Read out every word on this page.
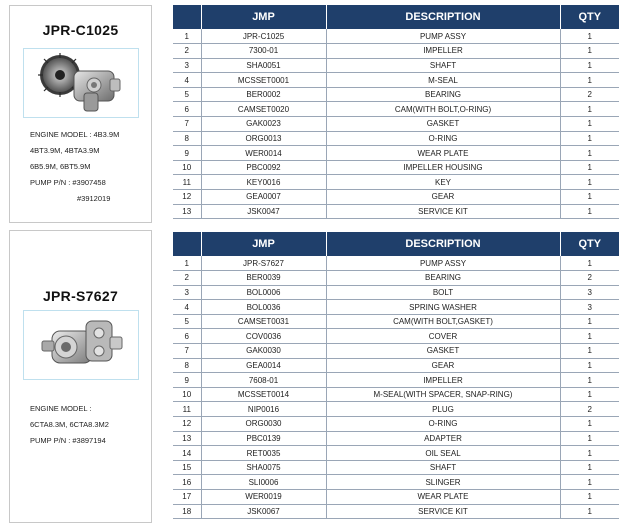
JPR-C1025
ENGINE MODEL : 4B3.9M
4BT3.9M, 4BTA3.9M
6B5.9M, 6BT5.9M
PUMP P/N : #3907458
#3912019
JPR-S7627
ENGINE MODEL :
6CTA8.3M, 6CTA8.3M2
PUMP P/N : #3897194
	JMP	DESCRIPTION	QTY
1	JPR-C1025	PUMP ASSY	1
2	7300-01	IMPELLER	1
3	SHA0051	SHAFT	1
4	MCSSET0001	M-SEAL	1
5	BER0002	BEARING	2
6	CAMSET0020	CAM(WITH BOLT,O-RING)	1
7	GAK0023	GASKET	1
8	ORG0013	O-RING	1
9	WER0014	WEAR PLATE	1
10	PBC0092	IMPELLER HOUSING	1
11	KEY0016	KEY	1
12	GEA0007	GEAR	1
13	JSK0047	SERVICE KIT	1
	JMP	DESCRIPTION	QTY
1	JPR-S7627	PUMP ASSY	1
2	BER0039	BEARING	2
3	BOL0006	BOLT	3
4	BOL0036	SPRING WASHER	3
5	CAMSET0031	CAM(WITH BOLT,GASKET)	1
6	COV0036	COVER	1
7	GAK0030	GASKET	1
8	GEA0014	GEAR	1
9	7608-01	IMPELLER	1
10	MCSSET0014	M-SEAL(WITH SPACER, SNAP-RING)	1
11	NIP0016	PLUG	2
12	ORG0030	O-RING	1
13	PBC0139	ADAPTER	1
14	RET0035	OIL SEAL	1
15	SHA0075	SHAFT	1
16	SLI0006	SLINGER	1
17	WER0019	WEAR PLATE	1
18	JSK0067	SERVICE KIT	1
